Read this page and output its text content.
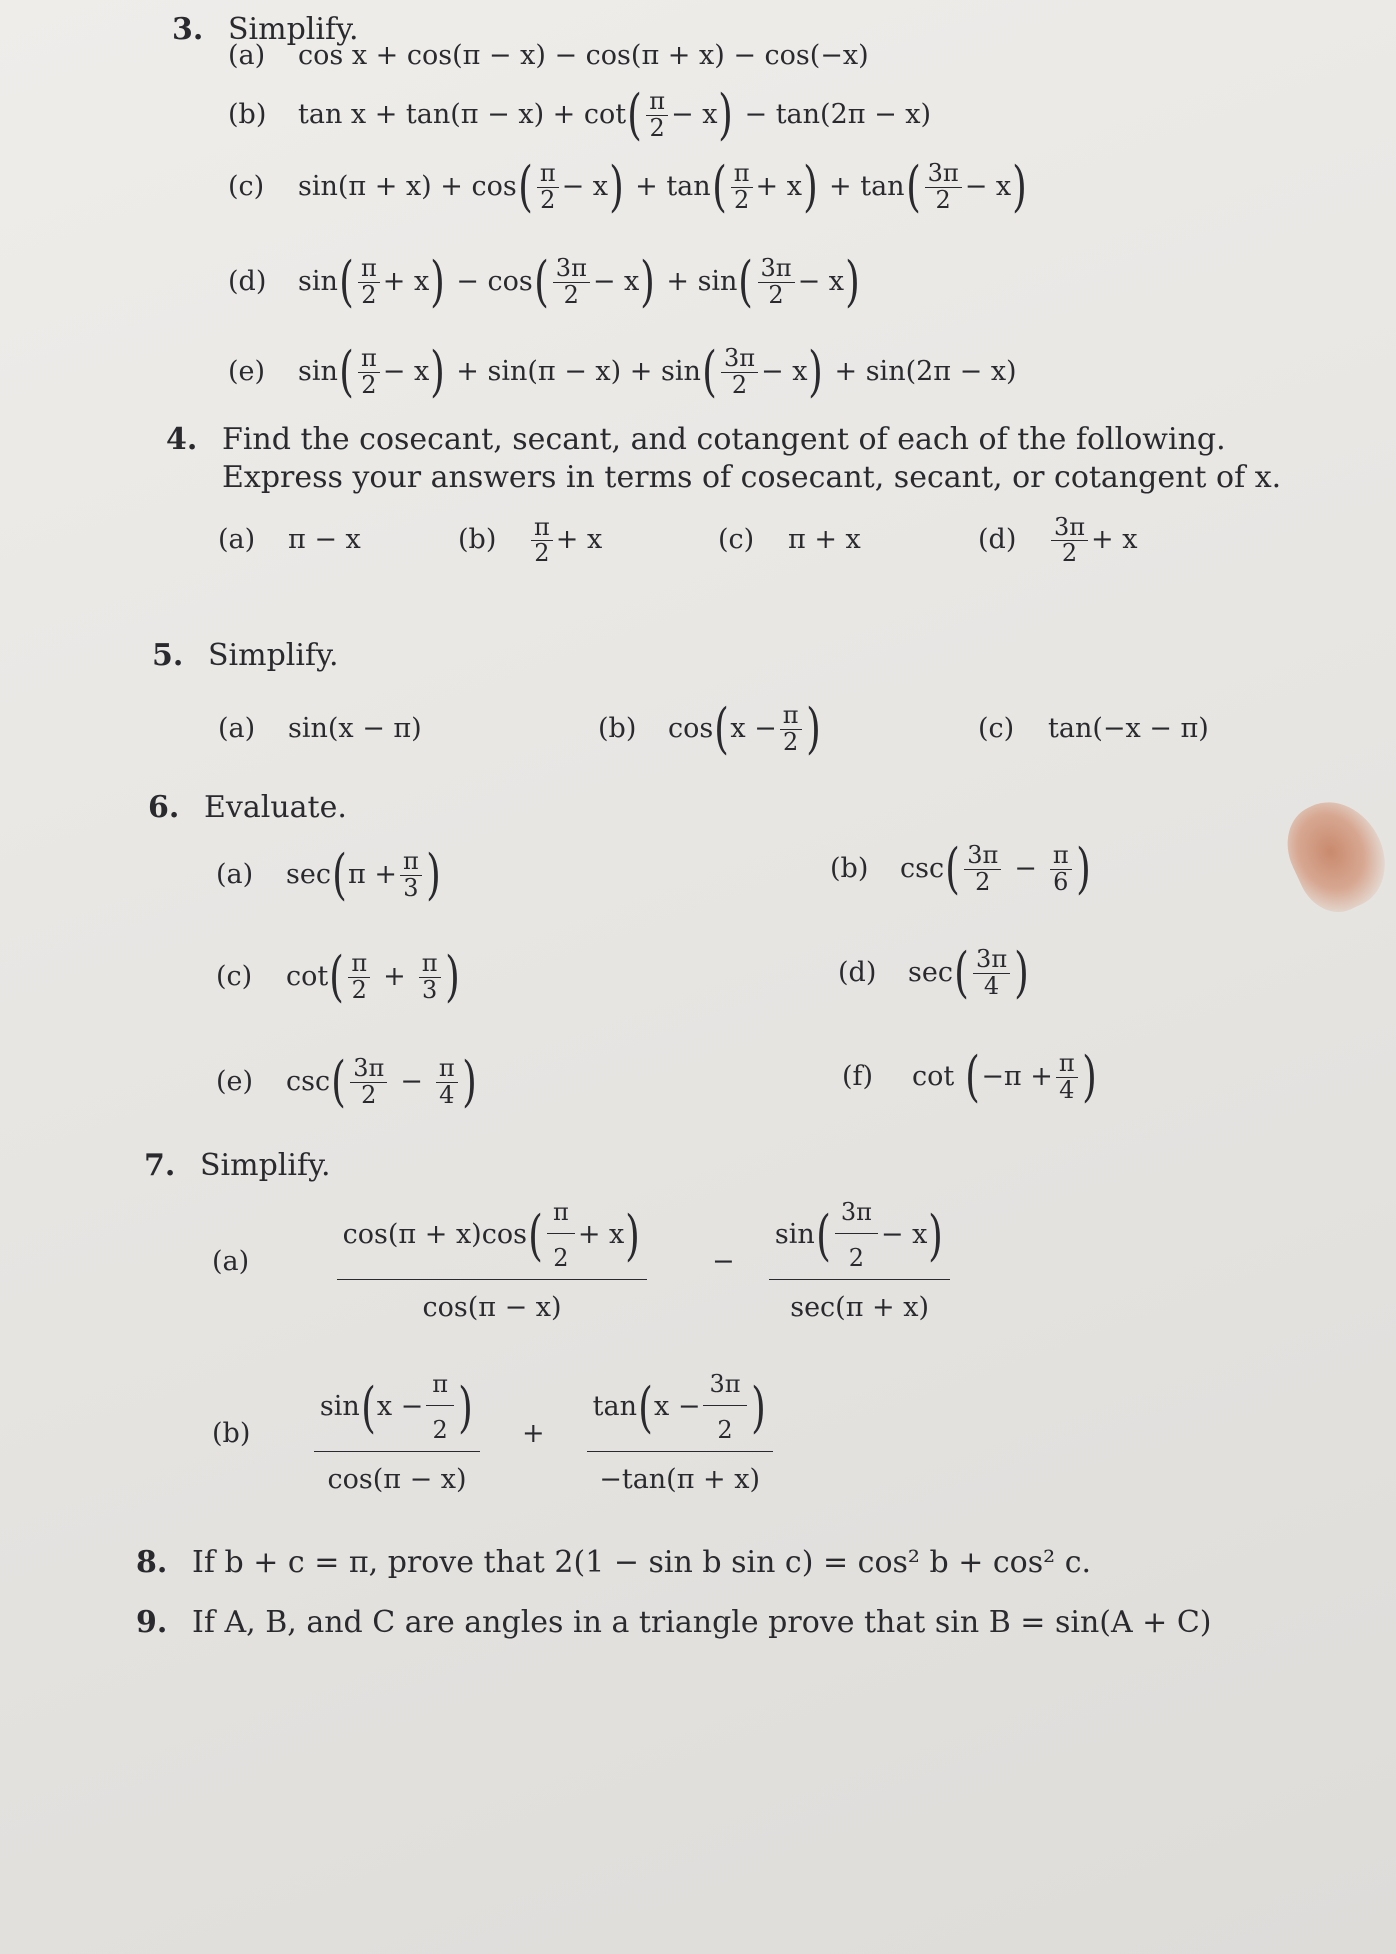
3. Simplify.
(a)	cos x + cos(π − x) − cos(π + x) − cos(−x)
(b)	tan x + tan(π − x) + cot ( $\frac{\pi}{2} - x$ ) − tan(2π − x)
(c)	sin(π + x) + cos ( $\frac{\pi}{2} - x$ ) + tan ( $\frac{\pi}{2} + x$ ) + tan ( $\frac{3\pi}{2} - x$ )
(d)	sin ( $\frac{\pi}{2} + x$ ) − cos ( $\frac{3\pi}{2} - x$ ) + sin ( $\frac{3\pi}{2} - x$ )
(e)	sin ( $\frac{\pi}{2} - x$ ) + sin(π − x) + sin ( $\frac{3\pi}{2} - x$ ) + sin(2π − x)
4. Find the cosecant, secant, and cotangent of each of the following.
Express your answers in terms of cosecant, secant, or cotangent of x.
(a)	π − x	(b)	$\frac{\pi}{2} + x$	(c)	π + x	(d)	$\frac{3\pi}{2} + x$
5. Simplify.
(a)	sin(x − π)	(b)	cos ( $x - \frac{\pi}{2}$ )	(c)	tan(−x − π)
6. Evaluate.
(a)	sec ( $\pi + \frac{\pi}{3}$ )	(b)	csc ( $\frac{3\pi}{2} - \frac{\pi}{6}$ )
(c)	cot ( $\frac{\pi}{2} + \frac{\pi}{3}$ )	(d)	sec ( $\frac{3\pi}{4}$ )
(e)	csc ( $\frac{3\pi}{2} - \frac{\pi}{4}$ )	(f)	cot ( $-\pi + \frac{\pi}{4}$ )
7. Simplify.
(a)
cos(π + x)cos ( $\frac{\pi}{2} + x$ )
cos(π − x)
−
sin ( $\frac{3\pi}{2} - x$ )
sec(π + x)
(b)
sin ( $x - \frac{\pi}{2}$ )
cos(π − x)
+ $\frac{\tan ( x - \frac{3\pi}{2} )}{-\tan(\pi + x)}$
8. If b + c = π, prove that 2(1 − sin b sin c) = cos² b + cos² c.
9. If A, B, and C are angles in a triangle prove that sin B = sin(A + C)
